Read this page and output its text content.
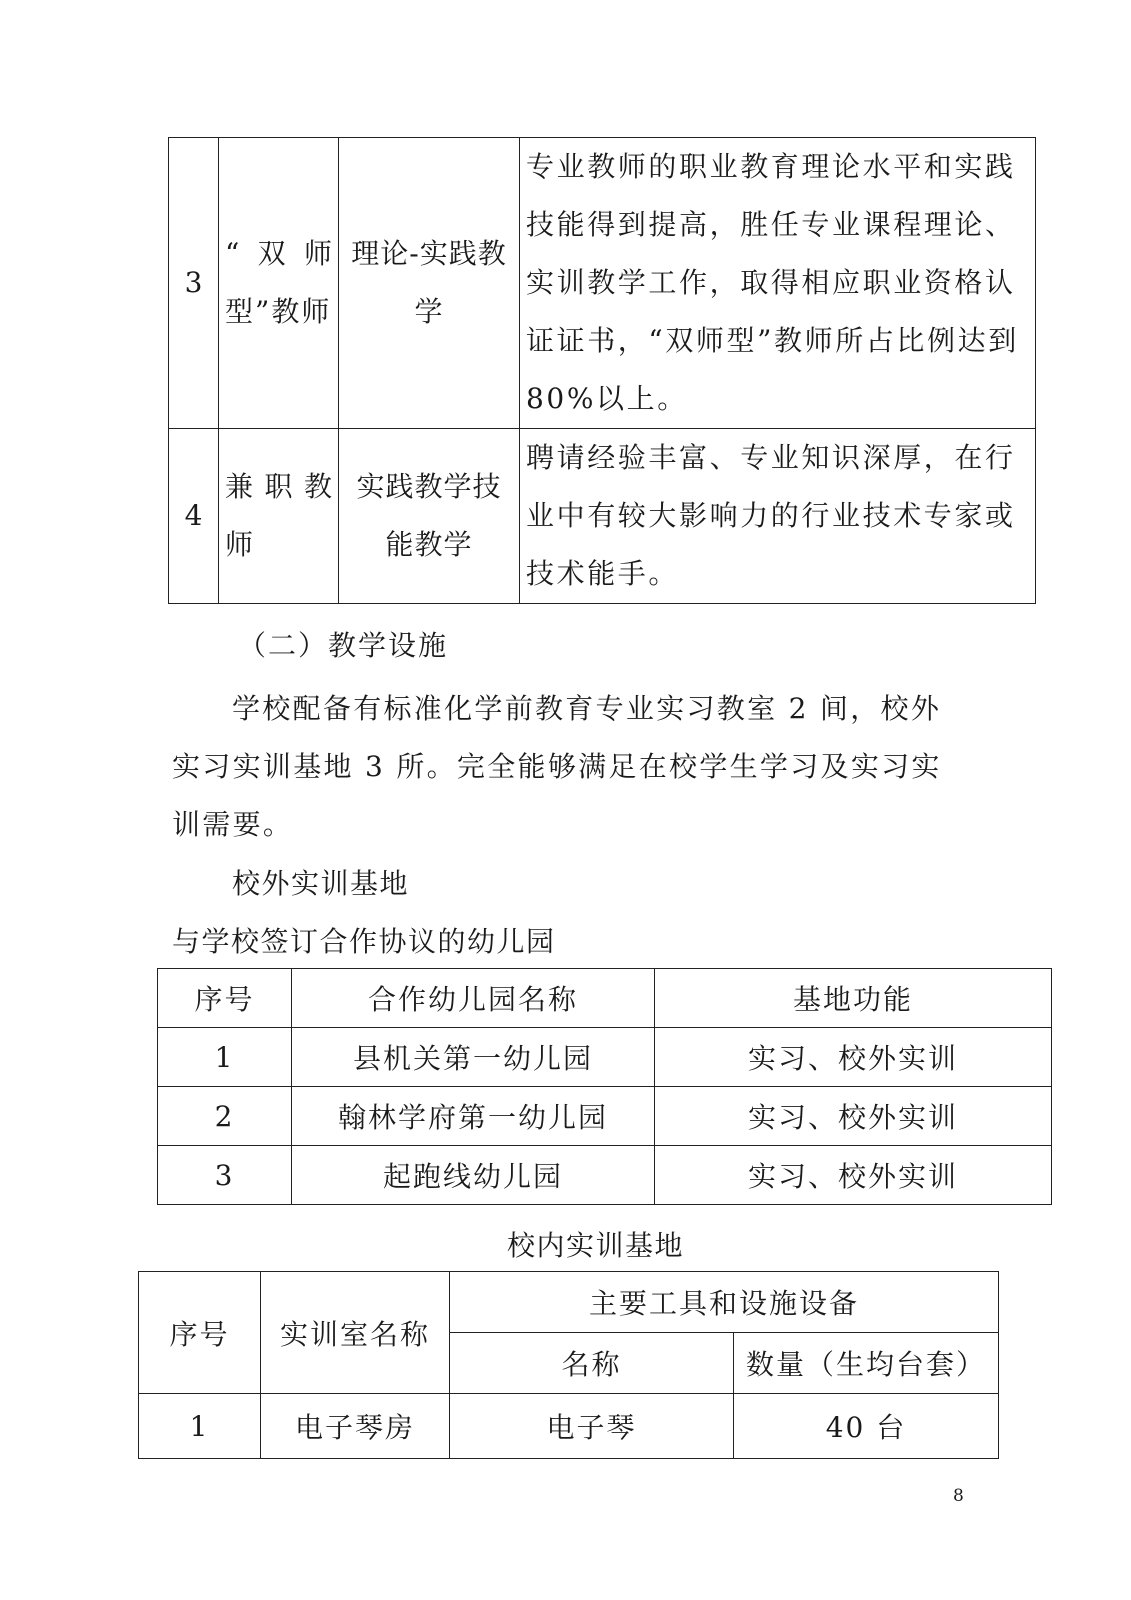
3	“双师型”教师	理论-实践教学	专业教师的职业教育理论水平和实践技能得到提高，胜任专业课程理论、实训教学工作，取得相应职业资格认证证书，“双师型”教师所占比例达到80%以上。
4	兼职教师	实践教学技能教学	聘请经验丰富、专业知识深厚，在行业中有较大影响力的行业技术专家或技术能手。
（二）教学设施
学校配备有标准化学前教育专业实习教室 2 间，校外实习实训基地 3 所。完全能够满足在校学生学习及实习实训需要。
校外实训基地
与学校签订合作协议的幼儿园
序号	合作幼儿园名称	基地功能
1	县机关第一幼儿园	实习、校外实训
2	翰林学府第一幼儿园	实习、校外实训
3	起跑线幼儿园	实习、校外实训
校内实训基地
序号	实训室名称	主要工具和设施设备	
		名称	数量（生均台套）
1	电子琴房	电子琴	40 台
8
